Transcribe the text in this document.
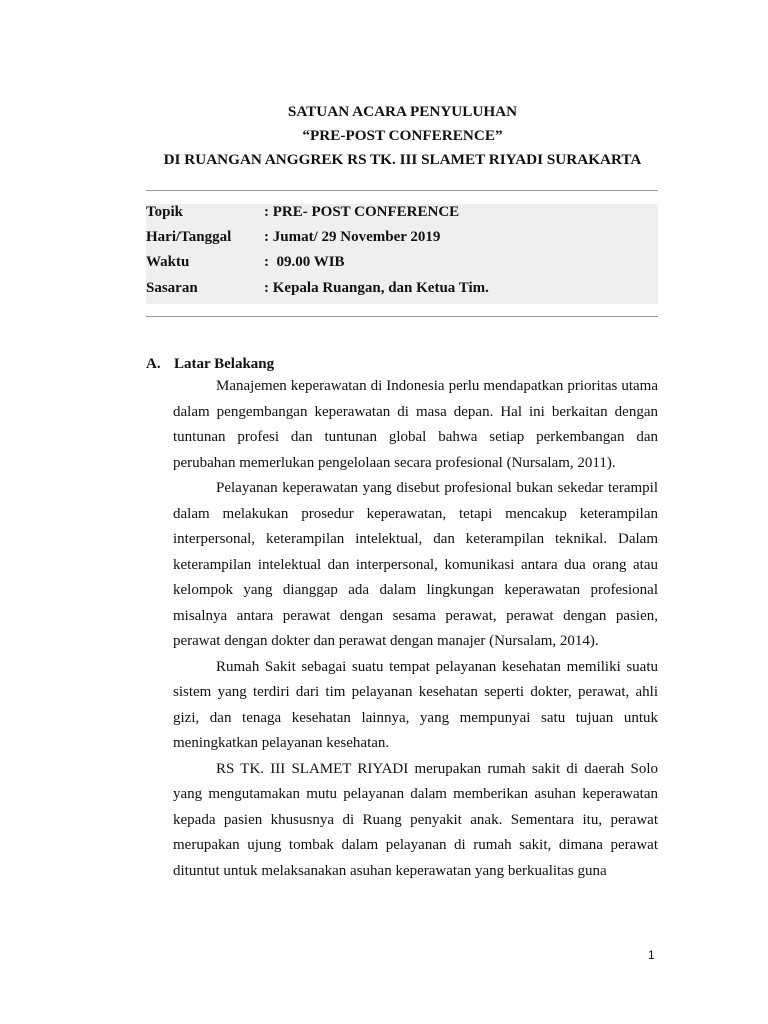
SATUAN ACARA PENYULUHAN
“PRE-POST CONFERENCE”
DI RUANGAN ANGGREK RS TK. III SLAMET RIYADI SURAKARTA
Topik	: PRE- POST CONFERENCE
Hari/Tanggal : Jumat/ 29 November 2019
Waktu	:  09.00 WIB
Sasaran	: Kepala Ruangan, dan Ketua Tim.
A. Latar Belakang

Manajemen keperawatan di Indonesia perlu mendapatkan prioritas utama dalam pengembangan keperawatan di masa depan. Hal ini berkaitan dengan tuntunan profesi dan tuntunan global bahwa setiap perkembangan dan perubahan memerlukan pengelolaan secara profesional (Nursalam, 2011).

Pelayanan keperawatan yang disebut profesional bukan sekedar terampil dalam melakukan prosedur keperawatan, tetapi mencakup keterampilan interpersonal, keterampilan intelektual, dan keterampilan teknikal. Dalam keterampilan intelektual dan interpersonal, komunikasi antara dua orang atau kelompok yang dianggap ada dalam lingkungan keperawatan profesional misalnya antara perawat dengan sesama perawat, perawat dengan pasien, perawat dengan dokter dan perawat dengan manajer (Nursalam, 2014).

Rumah Sakit sebagai suatu tempat pelayanan kesehatan memiliki suatu sistem yang terdiri dari tim pelayanan kesehatan seperti dokter, perawat, ahli gizi, dan tenaga kesehatan lainnya, yang mempunyai satu tujuan untuk meningkatkan pelayanan kesehatan.

RS TK. III SLAMET RIYADI merupakan rumah sakit di daerah Solo yang mengutamakan mutu pelayanan dalam memberikan asuhan keperawatan kepada pasien khususnya di Ruang penyakit anak. Sementara itu, perawat merupakan ujung tombak dalam pelayanan di rumah sakit, dimana perawat dituntut untuk melaksanakan asuhan keperawatan yang berkualitas guna

1
